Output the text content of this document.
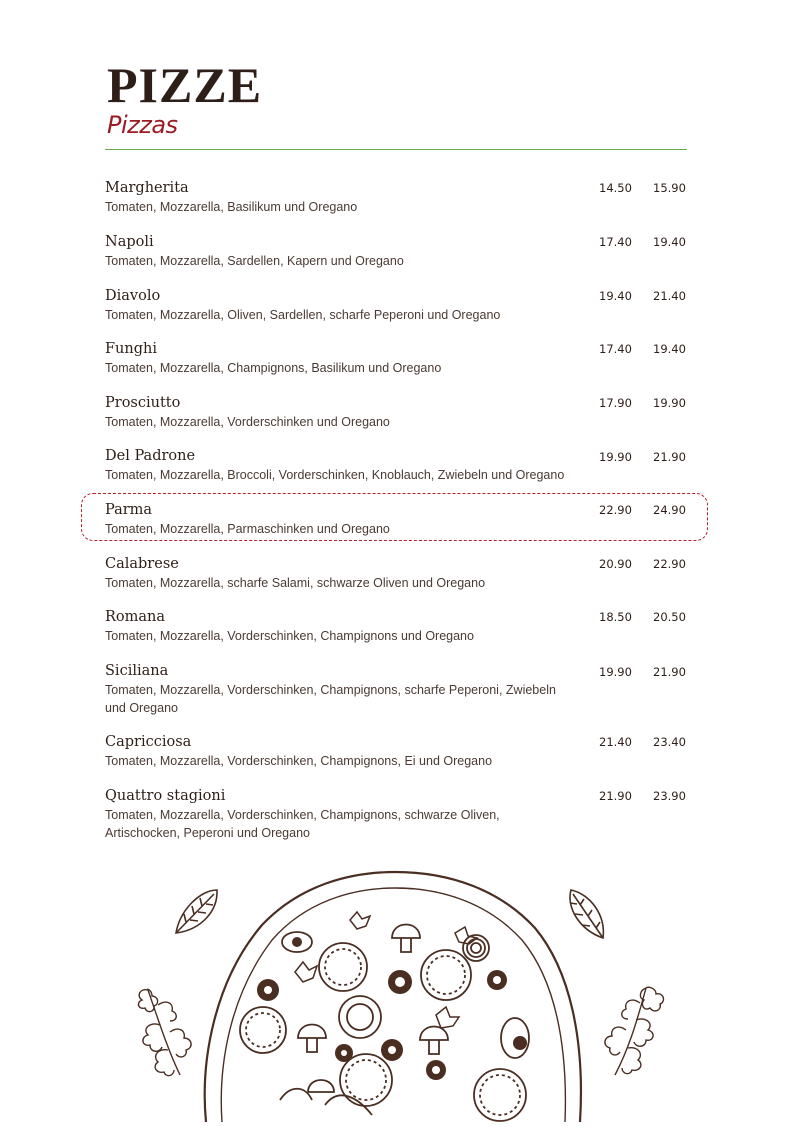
PIZZE
Pizzas
Margherita
Tomaten, Mozzarella, Basilikum und Oregano
14.50 15.90
Napoli
Tomaten, Mozzarella, Sardellen, Kapern und Oregano
17.40 19.40
Diavolo
Tomaten, Mozzarella, Oliven, Sardellen, scharfe Peperoni und Oregano
19.40 21.40
Funghi
Tomaten, Mozzarella, Champignons, Basilikum und Oregano
17.40 19.40
Prosciutto
Tomaten, Mozzarella, Vorderschinken und Oregano
17.90 19.90
Del Padrone
Tomaten, Mozzarella, Broccoli, Vorderschinken, Knoblauch, Zwiebeln und Oregano
19.90 21.90
Parma
Tomaten, Mozzarella, Parmaschinken und Oregano
22.90 24.90
Calabrese
Tomaten, Mozzarella, scharfe Salami, schwarze Oliven und Oregano
20.90 22.90
Romana
Tomaten, Mozzarella, Vorderschinken, Champignons und Oregano
18.50 20.50
Siciliana
Tomaten, Mozzarella, Vorderschinken, Champignons, scharfe Peperoni, Zwiebeln und Oregano
19.90 21.90
Capricciosa
Tomaten, Mozzarella, Vorderschinken, Champignons, Ei und Oregano
21.40 23.40
Quattro stagioni
Tomaten, Mozzarella, Vorderschinken, Champignons, schwarze Oliven, Artischocken, Peperoni und Oregano
21.90 23.90
